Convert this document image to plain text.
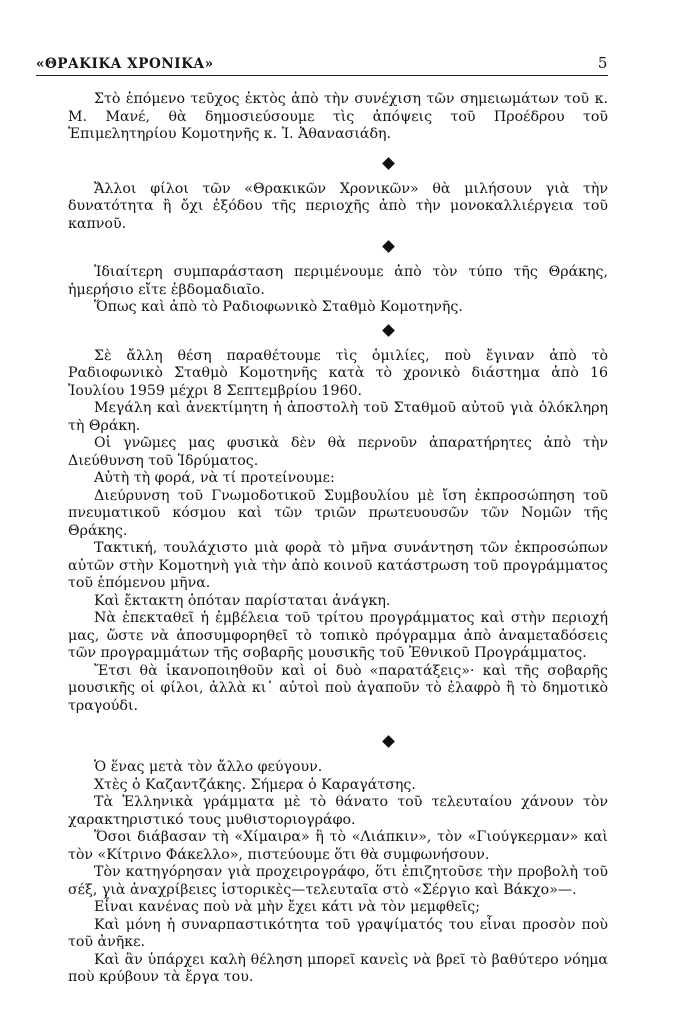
«ΘΡΑΚΙΚΑ ΧΡΟΝΙΚΑ»	5

Στὸ ἑπόμενο τεῦχος ἐκτὸς ἀπὸ τὴν συνέχιση τῶν σημειωμάτων τοῦ κ. Μ. Μανέ, θὰ δημοσιεύσουμε τὶς ἀπόψεις τοῦ Προέδρου τοῦ Ἐπιμελητηρίου Κομοτηνῆς κ. Ἰ. Ἀθανασιάδη.

Ἄλλοι φίλοι τῶν «Θρακικῶν Χρονικῶν» θὰ μιλήσουν γιὰ τὴν δυνατότητα ἢ ὄχι ἐξόδου τῆς περιοχῆς ἀπὸ τὴν μονοκαλλιέργεια τοῦ καπνοῦ.

Ἰδιαίτερη συμπαράσταση περιμένουμε ἀπὸ τὸν τύπο τῆς Θράκης, ἡμερήσιο εἴτε ἑβδομαδιαῖο.

Ὅπως καὶ ἀπὸ τὸ Ραδιοφωνικὸ Σταθμὸ Κομοτηνῆς.

Σὲ ἄλλη θέση παραθέτουμε τὶς ὁμιλίες, ποὺ ἔγιναν ἀπὸ τὸ Ραδιοφωνικὸ Σταθμὸ Κομοτηνῆς κατὰ τὸ χρονικὸ διάστημα ἀπὸ 16 Ἰουλίου 1959 μέχρι 8 Σεπτεμβρίου 1960.

Μεγάλη καὶ ἀνεκτίμητη ἡ ἀποστολὴ τοῦ Σταθμοῦ αὐτοῦ γιὰ ὁλόκληρη τὴ Θράκη.

Οἱ γνῶμες μας φυσικὰ δὲν θὰ περνοῦν ἀπαρατήρητες ἀπὸ τὴν Διεύθυνση τοῦ Ἱδρύματος.

Αὐτὴ τὴ φορά, νὰ τί προτείνουμε:

Διεύρυνση τοῦ Γνωμοδοτικοῦ Συμβουλίου μὲ ἴση ἐκπροσώπηση τοῦ πνευματικοῦ κόσμου καὶ τῶν τριῶν πρωτευουσῶν τῶν Νομῶν τῆς Θράκης.

Τακτική, τουλάχιστο μιὰ φορὰ τὸ μῆνα συνάντηση τῶν ἐκπροσώπων αὐτῶν στὴν Κομοτηνὴ γιὰ τὴν ἀπὸ κοινοῦ κατάστρωση τοῦ προγράμματος τοῦ ἑπόμενου μῆνα.

Καὶ ἔκτακτη ὁπόταν παρίσταται ἀνάγκη.

Νὰ ἐπεκταθεῖ ἡ ἐμβέλεια τοῦ τρίτου προγράμματος καὶ στὴν περιοχή μας, ὥστε νὰ ἀποσυμφορηθεῖ τὸ τοπικὸ πρόγραμμα ἀπὸ ἀναμεταδόσεις τῶν προγραμμάτων τῆς σοβαρῆς μουσικῆς τοῦ Ἐθνικοῦ Προγράμματος.

Ἔτσι θὰ ἱκανοποιηθοῦν καὶ οἱ δυὸ «παρατάξεις»· καὶ τῆς σοβαρῆς μουσικῆς οἱ φίλοι, ἀλλὰ κι᾽ αὐτοὶ ποὺ ἀγαποῦν τὸ ἐλαφρὸ ἢ τὸ δημοτικὸ τραγούδι.

Ὁ ἕνας μετὰ τὸν ἄλλο φεύγουν.

Χτὲς ὁ Καζαντζάκης. Σήμερα ὁ Καραγάτσης.

Τὰ Ἑλληνικὰ γράμματα μὲ τὸ θάνατο τοῦ τελευταίου χάνουν τὸν χαρακτηριστικό τους μυθιστοριογράφο.

Ὅσοι διάβασαν τὴ «Χίμαιρα» ἢ τὸ «Λιάπκιν», τὸν «Γιούγκερμαν» καὶ τὸν «Κίτρινο Φάκελλο», πιστεύουμε ὅτι θὰ συμφωνήσουν.

Τὸν κατηγόρησαν γιὰ προχειρογράφο, ὅτι ἐπιζητοῦσε τὴν προβολὴ τοῦ σέξ, γιὰ ἀναχρίβειες ἱστορικὲς—τελευταῖα στὸ «Σέργιο καὶ Βάκχο»—.

Εἶναι κανένας ποὺ νὰ μὴν ἔχει κάτι νὰ τὸν μεμφθεῖς;

Καὶ μόνη ἡ συναρπαστικότητα τοῦ γραψίματός του εἶναι προσὸν ποὺ τοῦ ἀνῆκε.

Καὶ ἂν ὑπάρχει καλὴ θέληση μπορεῖ κανεὶς νὰ βρεῖ τὸ βαθύτερο νόημα ποὺ κρύβουν τὰ ἔργα του.
